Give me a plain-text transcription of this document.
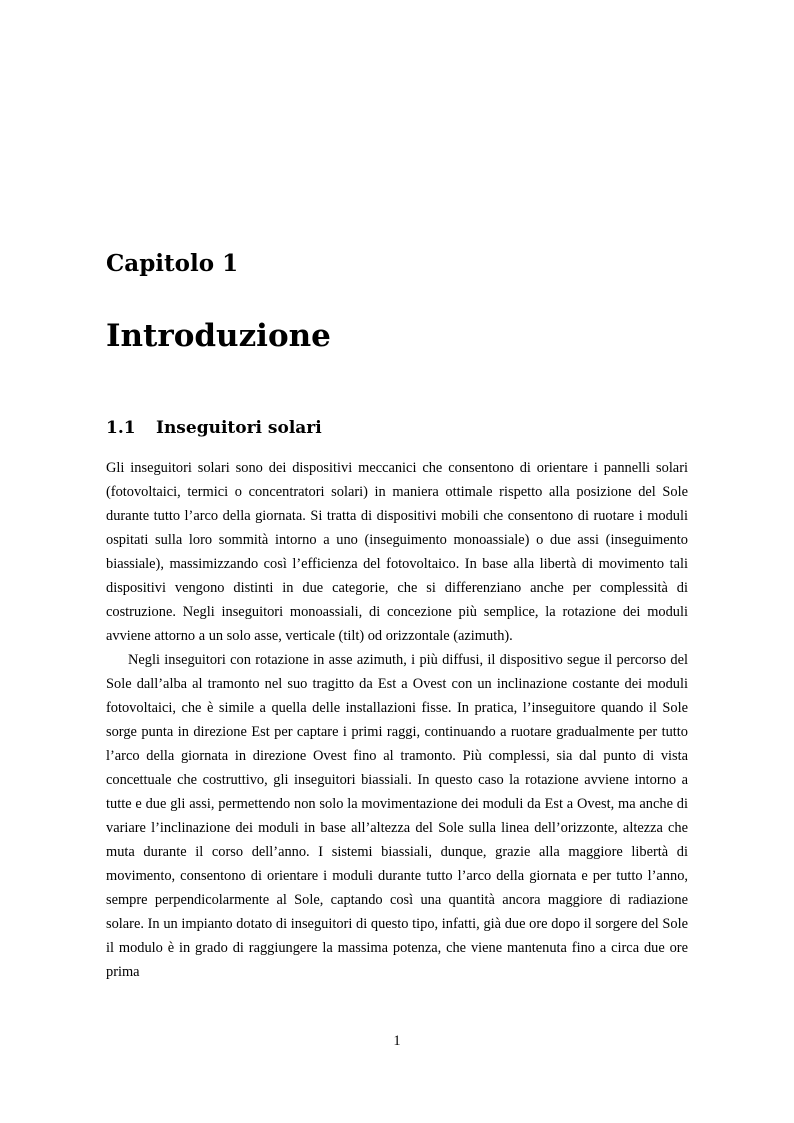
Capitolo 1
Introduzione
1.1	Inseguitori solari

Gli inseguitori solari sono dei dispositivi meccanici che consentono di orientare i pannelli solari (fotovoltaici, termici o concentratori solari) in maniera ottimale rispetto alla posizione del Sole durante tutto l’arco della giornata. Si tratta di dispositivi mobili che consentono di ruotare i moduli ospitati sulla loro sommità intorno a uno (inseguimento monoassiale) o due assi (inseguimento biassiale), massimizzando così l’efficienza del fotovoltaico. In base alla libertà di movimento tali dispositivi vengono distinti in due categorie, che si differenziano anche per complessità di costruzione. Negli inseguitori monoassiali, di concezione più semplice, la rotazione dei moduli avviene attorno a un solo asse, verticale (tilt) od orizzontale (azimuth).

Negli inseguitori con rotazione in asse azimuth, i più diffusi, il dispositivo segue il percorso del Sole dall’alba al tramonto nel suo tragitto da Est a Ovest con un inclinazione costante dei moduli fotovoltaici, che è simile a quella delle installazioni fisse. In pratica, l’inseguitore quando il Sole sorge punta in direzione Est per captare i primi raggi, continuando a ruotare gradualmente per tutto l’arco della giornata in direzione Ovest fino al tramonto. Più complessi, sia dal punto di vista concettuale che costruttivo, gli inseguitori biassiali. In questo caso la rotazione avviene intorno a tutte e due gli assi, permettendo non solo la movimentazione dei moduli da Est a Ovest, ma anche di variare l’inclinazione dei moduli in base all’altezza del Sole sulla linea dell’orizzonte, altezza che muta durante il corso dell’anno. I sistemi biassiali, dunque, grazie alla maggiore libertà di movimento, consentono di orientare i moduli durante tutto l’arco della giornata e per tutto l’anno, sempre perpendicolarmente al Sole, captando così una quantità ancora maggiore di radiazione solare. In un impianto dotato di inseguitori di questo tipo, infatti, già due ore dopo il sorgere del Sole il modulo è in grado di raggiungere la massima potenza, che viene mantenuta fino a circa due ore prima

1
